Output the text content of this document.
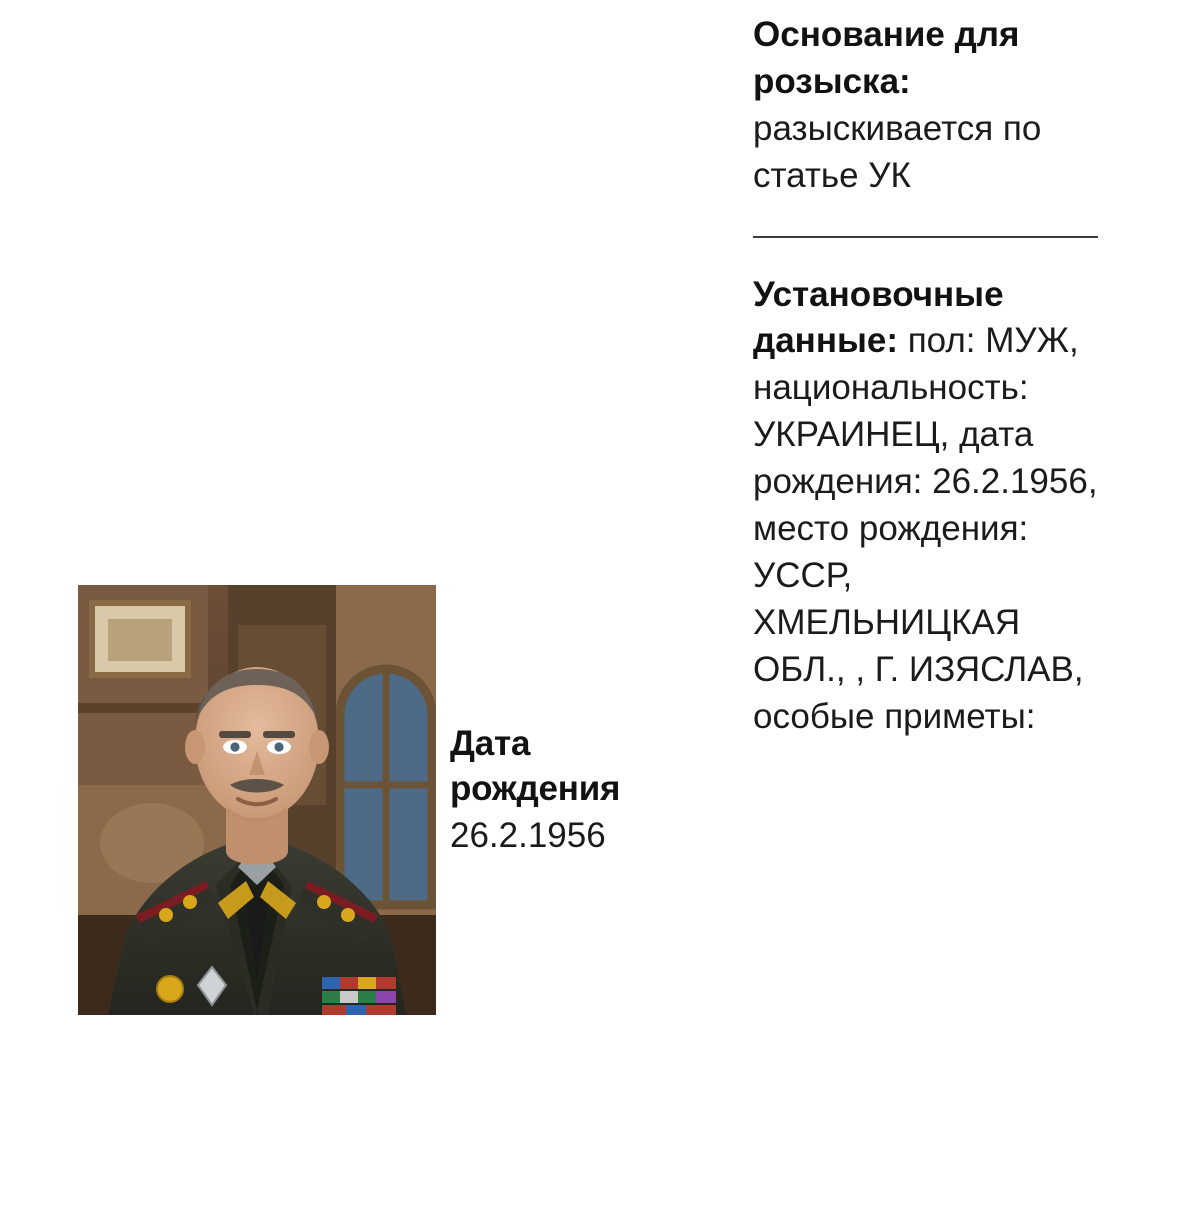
Дата рождения
26.2.1956
Основание для розыска: разыскивается по статье УК
Установочные данные: пол: МУЖ, национальность: УКРАИНЕЦ, дата рождения: 26.2.1956, место рождения: УССР, ХМЕЛЬНИЦКАЯ ОБЛ., , Г. ИЗЯСЛАВ, особые приметы:
